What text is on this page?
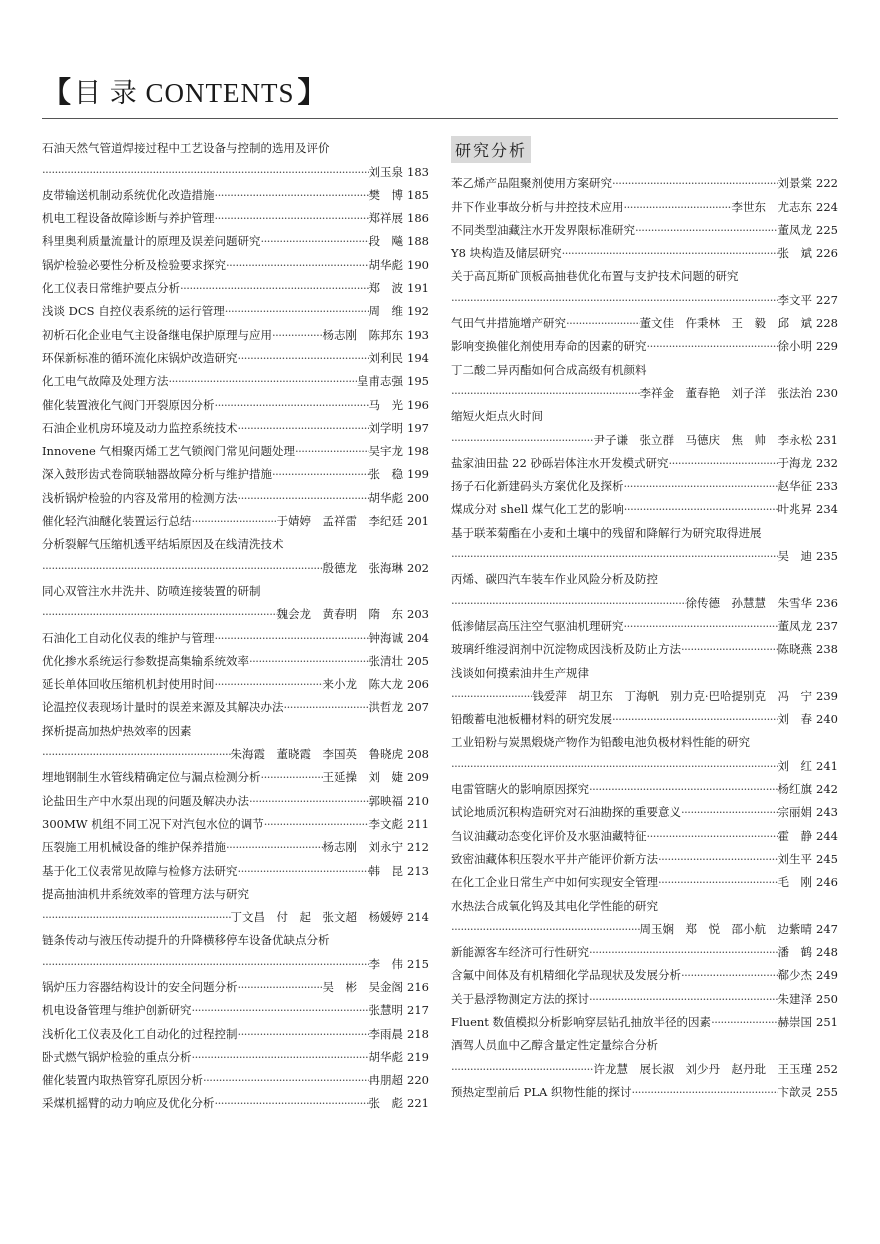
【 目 录 CONTENTS 】
石油天然气管道焊接过程中工艺设备与控制的选用及评价
·····
刘玉泉 183
皮带输送机制动系统优化改造措施 ·····	樊　博 185
机电工程设备故障诊断与养护管理 ·····	郑祥展 186
科里奥利质量流量计的原理及误差问题研究 ·····	段　飚 188
锅炉检验必要性分析及检验要求探究 ·····	胡华彪 190
化工仪表日常维护要点分析 ·····	郑　波 191
浅谈 DCS 自控仪表系统的运行管理 ·····	周　维 192
初析石化企业电气主设备继电保护原理与应用 ·····	杨志刚　陈邦东 193
环保新标准的循环流化床锅炉改造研究 ·····	刘利民 194
化工电气故障及处理方法 ·····	皇甫志强 195
催化装置液化气阀门开裂原因分析 ·····	马　光 196
石油企业机房环境及动力监控系统技术 ·····	刘学明 197
Innovene 气相聚丙烯工艺气锁阀门常见问题处理 ·····	吴宇龙 198
深入鼓形齿式卷筒联轴器故障分析与维护措施 ·····	张　稳 199
浅析锅炉检验的内容及常用的检测方法 ·····	胡华彪 200
催化轻汽油醚化装置运行总结 ·····	于婧婷　孟祥雷　李纪廷 201
分析裂解气压缩机透平结垢原因及在线清洗技术
·····
殷德龙　张海琳 202
同心双管注水井洗井、防喷连接装置的研制
·····
魏会龙　黄春明　隋　东 203
石油化工自动化仪表的维护与管理 ·····	钟海诚 204
优化掺水系统运行参数提高集输系统效率 ·····	张清壮 205
延长单体回收压缩机机封使用时间 ·····	来小龙　陈大龙 206
论温控仪表现场计量时的误差来源及其解决办法 ·····	洪哲龙 207
探析提高加热炉热效率的因素
·····
朱海霞　董晓霞　李国英　鲁晓虎 208
埋地钢制生水管线精确定位与漏点检测分析 ·····	王延操　刘　婕 209
论盐田生产中水泵出现的问题及解决办法 ·····	郭映福 210
300MW 机组不同工况下对汽包水位的调节 ·····	李文彪 211
压裂施工用机械设备的维护保养措施 ·····	杨志刚　刘永宁 212
基于化工仪表常见故障与检修方法研究 ·····	韩　昆 213
提高抽油机井系统效率的管理方法与研究
·····
丁文昌　付　起　张文超　杨媛婷 214
链条传动与液压传动提升的升降横移停车设备优缺点分析
·····
李　伟 215
锅炉压力容器结构设计的安全问题分析 ·····	吴　彬　吴金阁 216
机电设备管理与维护创新研究 ·····	张慧明 217
浅析化工仪表及化工自动化的过程控制 ·····	李雨晨 218
卧式燃气锅炉检验的重点分析 ·····	胡华彪 219
催化装置内取热管穿孔原因分析 ·····	冉朋超 220
采煤机摇臂的动力响应及优化分析 ·····	张　彪 221
研究分析
苯乙烯产品阻聚剂使用方案研究 ·····	刘景棠 222
井下作业事故分析与井控技术应用 ·····	李世东　尤志东 224
不同类型油藏注水开发界限标准研究 ·····	董凤龙 225
Y8 块构造及储层研究 ·····	张　斌 226
关于高瓦斯矿顶板高抽巷优化布置与支护技术问题的研究
·····
李文平 227
气田气井措施增产研究 ·····	董文佳　仵秉林　王　毅　邱　斌 228
影响变换催化剂使用寿命的因素的研究 ·····	徐小明 229
丁二酸二异丙酯如何合成高级有机颜料
·····
李祥金　董春艳　刘子洋　张法治 230
缩短火炬点火时间
·····
尹子谦　张立群　马德庆　焦　帅　李永松 231
盐家油田盐 22 砂砾岩体注水开发模式研究 ·····	于海龙 232
扬子石化新建码头方案优化及探析 ·····	赵华征 233
煤成分对 shell 煤气化工艺的影响 ·····	叶兆昇 234
基于联苯菊酯在小麦和土壤中的残留和降解行为研究取得进展
·····
吴　迪 235
丙烯、碳四汽车装车作业风险分析及防控
·····
徐传德　孙慧慧　朱雪华 236
低渗储层高压注空气驱油机理研究 ·····	董凤龙 237
玻璃纤维浸润剂中沉淀物成因浅析及防止方法 ·····	陈晓燕 238
浅谈如何摸索油井生产规律
·····
钱爱萍　胡卫东　丁海帆　别力克·巴哈提别克　冯　宁 239
铅酸蓄电池板栅材料的研究发展 ·····	刘　春 240
工业铅粉与炭黑煅烧产物作为铅酸电池负极材料性能的研究
·····
刘　红 241
电雷管瞎火的影响原因探究 ·····	杨红旗 242
试论地质沉积构造研究对石油勘探的重要意义 ·····	宗丽娟 243
刍议油藏动态变化评价及水驱油藏特征 ·····	霍　静 244
致密油藏体积压裂水平井产能评价新方法 ·····	刘生平 245
在化工企业日常生产中如何实现安全管理 ·····	毛　刚 246
水热法合成氧化钨及其电化学性能的研究
·····
周玉娴　郑　悦　邵小航　边紫晴 247
新能源客车经济可行性研究 ·····	潘　鹤 248
含氟中间体及有机精细化学品现状及发展分析 ·····	郗少杰 249
关于悬浮物测定方法的探讨 ·····	朱建泽 250
Fluent 数值模拟分析影响穿层钻孔抽放半径的因素 ·····	赫崇国 251
酒驾人员血中乙醇含量定性定量综合分析
·····
许龙慧　展长淑　刘少丹　赵丹玭　王玉瑾 252
预热定型前后 PLA 织物性能的探讨 ·····	卞歆灵 255
